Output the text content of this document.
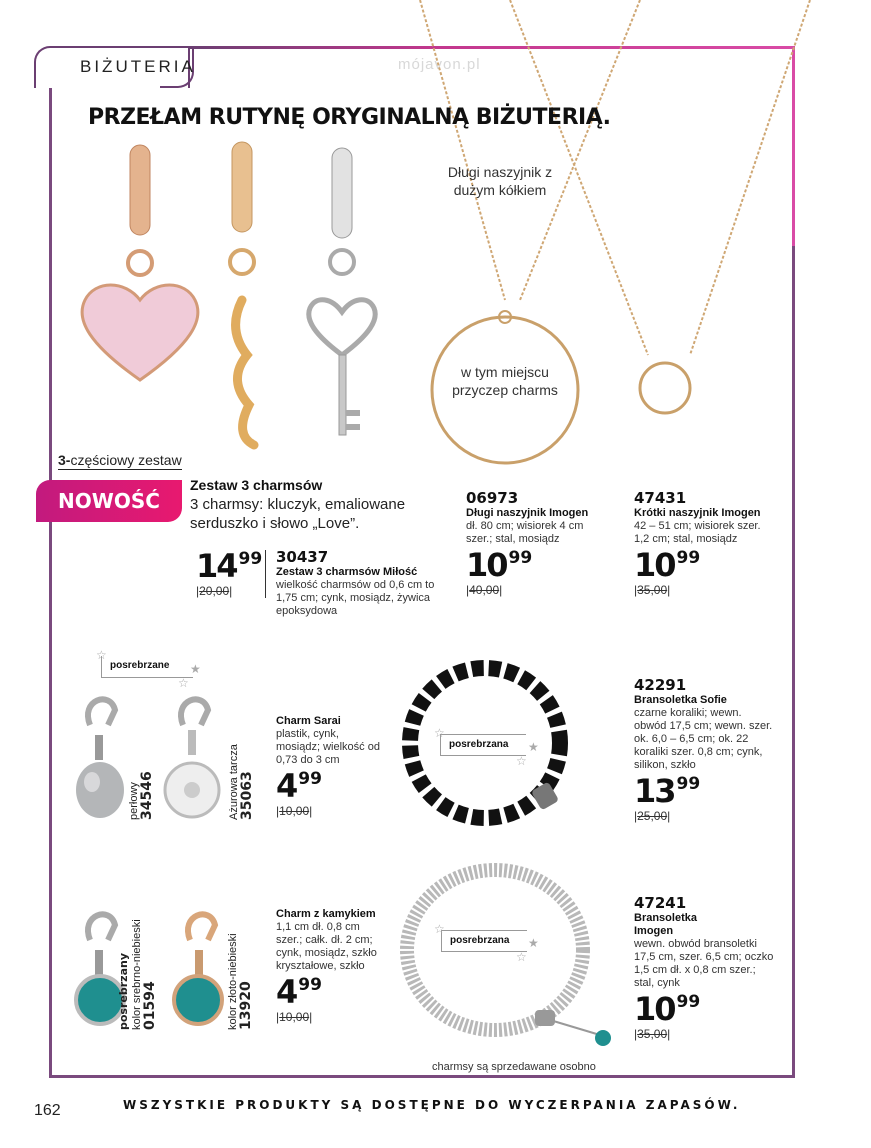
BIŻUTERIA	mójavon.pl
PRZEŁAM RUTYNĘ ORYGINALNĄ BIŻUTERIĄ.
Długi naszyjnik z dużym kółkiem
w tym miejscu przyczep charms
3-częściowy zestaw
NOWOŚĆ
Zestaw 3 charmsów
3 charmsy: kluczyk, emaliowane serduszko i słowo „Love”.
14 99
|20,00|
30437
Zestaw 3 charmsów Miłość
wielkość charmsów od 0,6 cm to 1,75 cm; cynk, mosiądz, żywica epoksydowa
06973
Długi naszyjnik Imogen
dł. 80 cm; wisiorek 4 cm szer.; stal, mosiądz
10 99
|40,00|
47431
Krótki naszyjnik Imogen
42 – 51 cm; wisiorek szer. 1,2 cm; stal, mosiądz
10 99
|35,00|
posrebrzane
☆
★
☆
perłowy
34546	Ażurowa tarcza
35063
Charm Sarai
plastik, cynk, mosiądz; wielkość od 0,73 do 3 cm
4 99
|10,00|
posrebrzana
☆
★
☆
42291
Bransoletka Sofie
czarne koraliki; wewn. obwód 17,5 cm; wewn. szer. ok. 6,0 – 6,5 cm; ok. 22 koraliki szer. 0,8 cm; cynk, silikon, szkło
13 99
|25,00|
posrebrzany
kolor srebrno-niebieski
01594	kolor złoto-niebieski
13920
Charm z kamykiem
1,1 cm dł. 0,8 cm szer.; całk. dł. 2 cm; cynk, mosiądz, szkło kryształowe, szkło
4 99
|10,00|
posrebrzana
☆
★
☆
47241
Bransoletka Imogen
wewn. obwód bransoletki 17,5 cm, szer. 6,5 cm; oczko 1,5 cm dł. x 0,8 cm szer.; stal, cynk
10 99
|35,00|
charmsy są sprzedawane osobno
162	WSZYSTKIE PRODUKTY SĄ DOSTĘPNE DO WYCZERPANIA ZAPASÓW.
